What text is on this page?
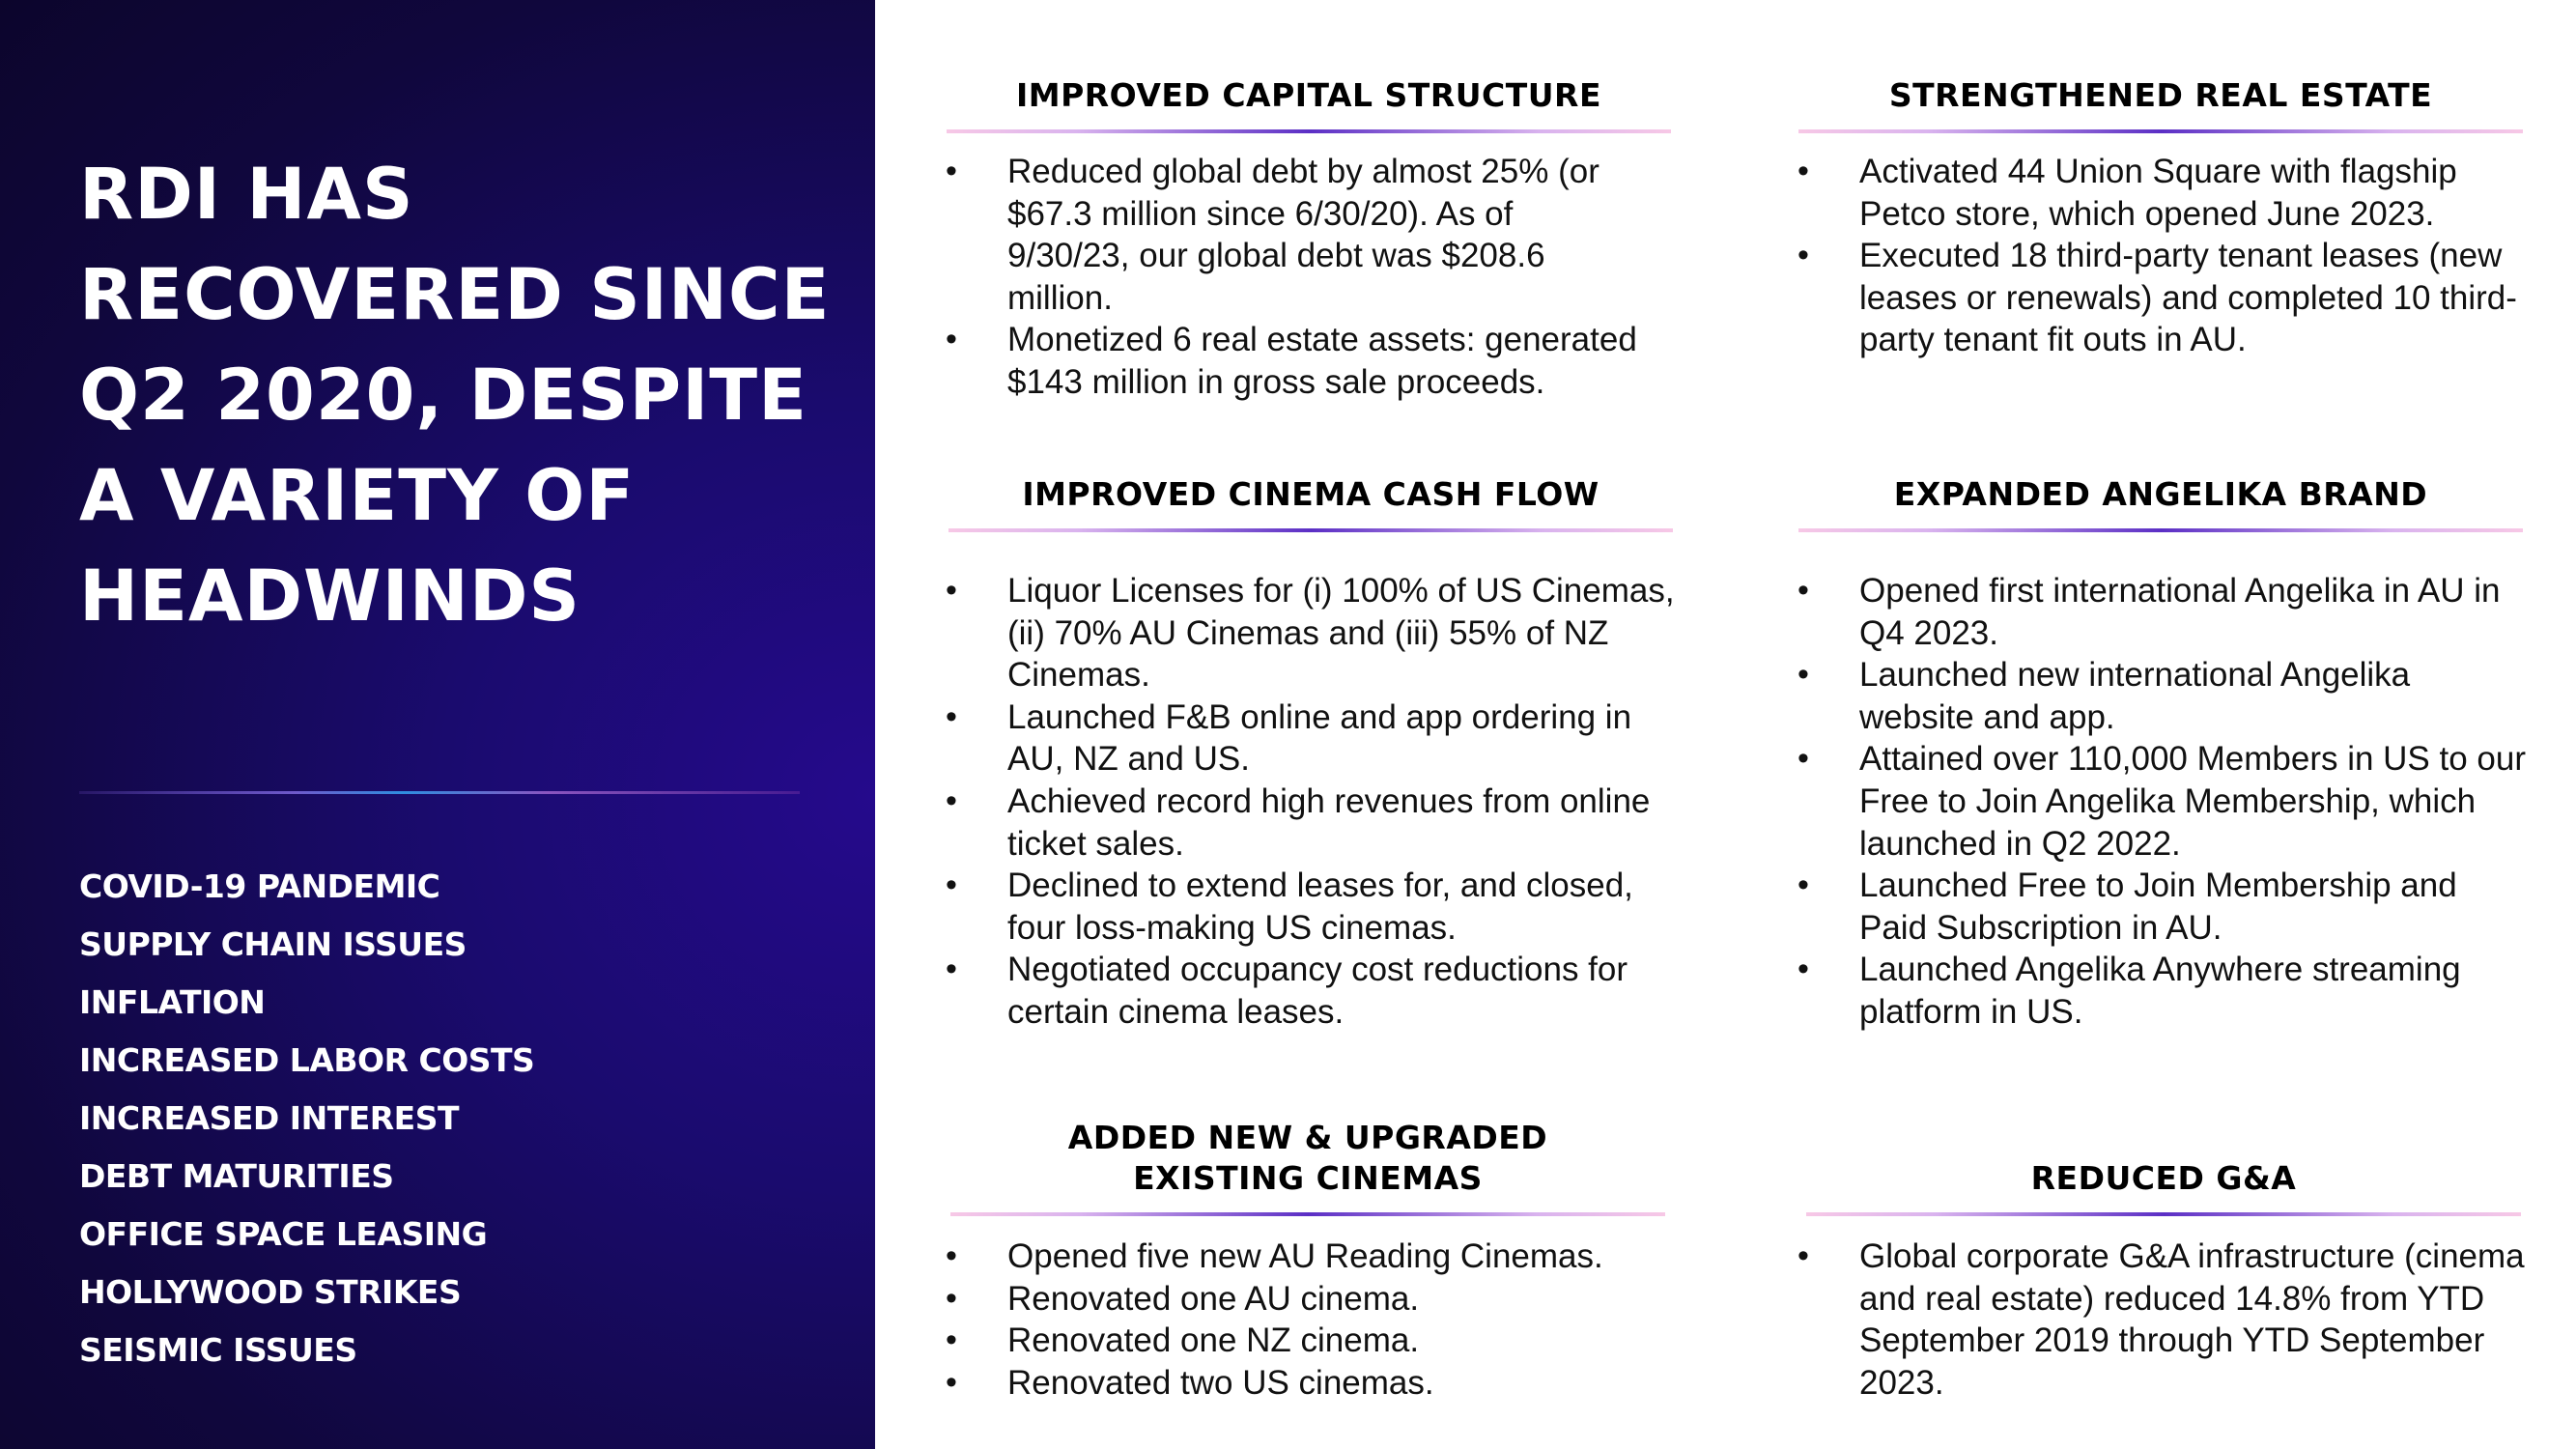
RDI HAS RECOVERED SINCE Q2 2020, DESPITE A VARIETY OF HEADWINDS
COVID-19 PANDEMIC
SUPPLY CHAIN ISSUES
INFLATION
INCREASED LABOR COSTS
INCREASED INTEREST
DEBT MATURITIES
OFFICE SPACE LEASING
HOLLYWOOD STRIKES
SEISMIC ISSUES
IMPROVED CAPITAL STRUCTURE
• Reduced global debt by almost 25% (or $67.3 million since 6/30/20). As of 9/30/23, our global debt was $208.6 million.
• Monetized 6 real estate assets: generated $143 million in gross sale proceeds.
STRENGTHENED REAL ESTATE
• Activated 44 Union Square with flagship Petco store, which opened June 2023.
• Executed 18 third-party tenant leases (new leases or renewals) and completed 10 third-party tenant fit outs in AU.
IMPROVED CINEMA CASH FLOW
• Liquor Licenses for (i) 100% of US Cinemas, (ii) 70% AU Cinemas and (iii) 55% of NZ Cinemas.
• Launched F&B online and app ordering in AU, NZ and US.
• Achieved record high revenues from online ticket sales.
• Declined to extend leases for, and closed, four loss-making US cinemas.
• Negotiated occupancy cost reductions for certain cinema leases.
EXPANDED ANGELIKA BRAND
• Opened first international Angelika in AU in Q4 2023.
• Launched new international Angelika website and app.
• Attained over 110,000 Members in US to our Free to Join Angelika Membership, which launched in Q2 2022.
• Launched Free to Join Membership and Paid Subscription in AU.
• Launched Angelika Anywhere streaming platform in US.
ADDED NEW & UPGRADED
EXISTING CINEMAS
• Opened five new AU Reading Cinemas.
• Renovated one AU cinema.
• Renovated one NZ cinema.
• Renovated two US cinemas.
REDUCED G&A
• Global corporate G&A infrastructure (cinema and real estate) reduced 14.8% from YTD September 2019 through YTD September 2023.
